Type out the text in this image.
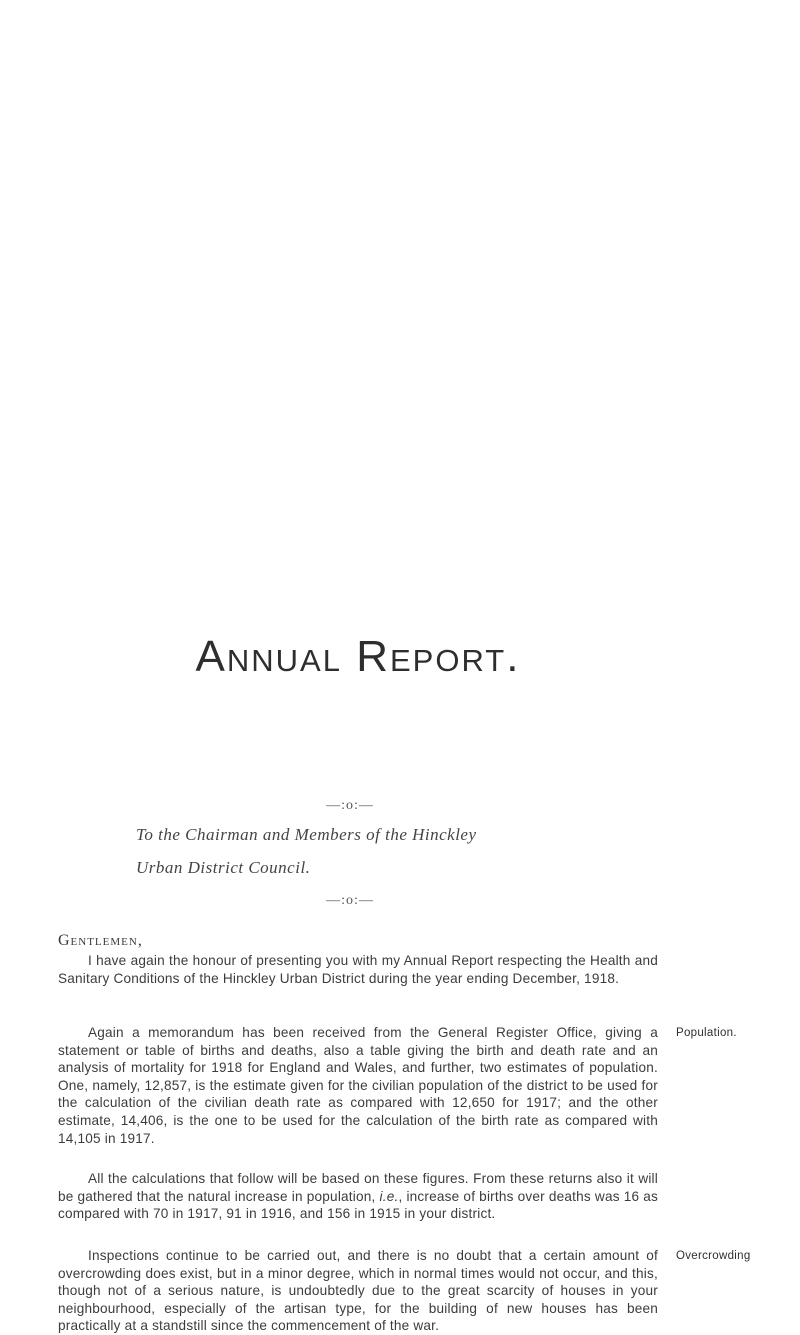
Annual Report.
—:o:—
To the Chairman and Members of the Hinckley
Urban District Council.
—:o:—
Gentlemen,

I have again the honour of presenting you with my Annual Report respecting the Health and Sanitary Conditions of the Hinckley Urban District during the year ending December, 1918.

Again a memorandum has been received from the General Register Office, giving a statement or table of births and deaths, also a table giving the birth and death rate and an analysis of mortality for 1918 for England and Wales, and further, two estimates of population. One, namely, 12,857, is the estimate given for the civilian population of the district to be used for the calculation of the civilian death rate as compared with 12,650 for 1917; and the other estimate, 14,406, is the one to be used for the calculation of the birth rate as compared with 14,105 in 1917.

Population.

All the calculations that follow will be based on these figures. From these returns also it will be gathered that the natural increase in population, i.e., increase of births over deaths was 16 as compared with 70 in 1917, 91 in 1916, and 156 in 1915 in your district.

Inspections continue to be carried out, and there is no doubt that a certain amount of overcrowding does exist, but in a minor degree, which in normal times would not occur, and this, though not of a serious nature, is undoubtedly due to the great scarcity of houses in your neighbourhood, especially of the artisan type, for the building of new houses has been practically at a standstill since the commencement of the war.

Overcrowding
